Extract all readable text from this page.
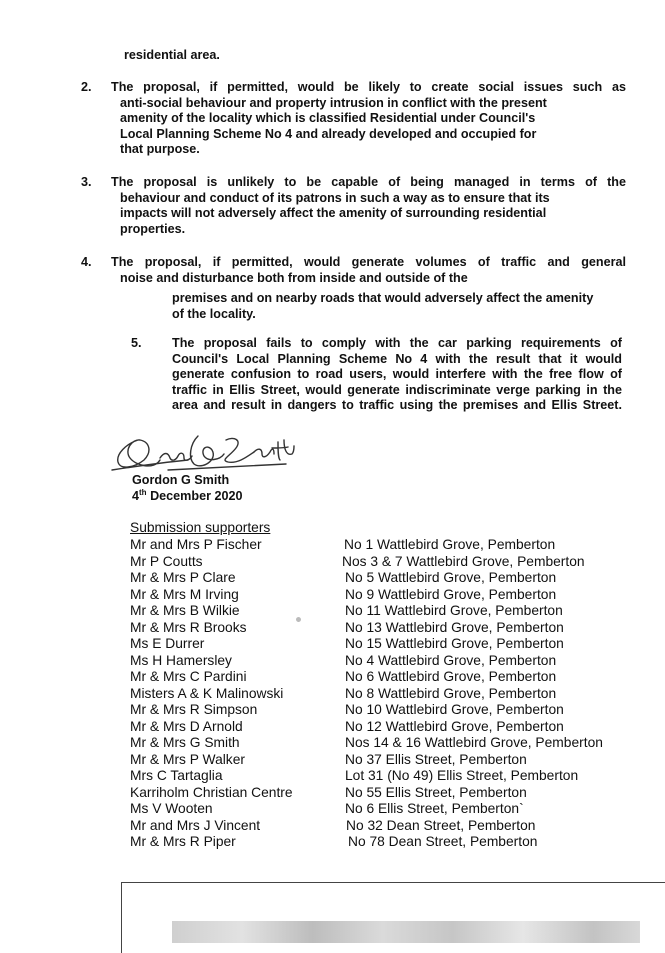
residential area.
2. The proposal, if permitted, would be likely to create social issues such as
anti-social behaviour and property intrusion in conflict with the present
amenity of the locality which is classified Residential under Council's
Local Planning Scheme No 4 and already developed and occupied for
that purpose.
3. The proposal is unlikely to be capable of being managed in terms of the
behaviour and conduct of its patrons in such a way as to ensure that its
impacts will not adversely affect the amenity of surrounding residential
properties.
4. The proposal, if permitted, would generate volumes of traffic and general
noise and disturbance both from inside and outside of the
premises and on nearby roads that would adversely affect the amenity
of the locality.
5. The proposal fails to comply with the car parking requirements of
Council's Local Planning Scheme No 4 with the result that it would
generate confusion to road users, would interfere with the free flow of
traffic in Ellis Street, would generate indiscriminate verge parking in the
area and result in dangers to traffic using the premises and Ellis Street.
Gordon G Smith
4th December 2020
Submission supporters
Mr and Mrs P Fischer	No 1 Wattlebird Grove, Pemberton
Mr P Coutts	Nos 3 & 7 Wattlebird Grove, Pemberton
Mr & Mrs P Clare	No 5 Wattlebird Grove, Pemberton
Mr & Mrs M Irving	No 9 Wattlebird Grove, Pemberton
Mr & Mrs B Wilkie	No 11 Wattlebird Grove, Pemberton
Mr & Mrs R Brooks	No 13 Wattlebird Grove, Pemberton
Ms E Durrer	No 15 Wattlebird Grove, Pemberton
Ms H Hamersley	No 4 Wattlebird Grove, Pemberton
Mr & Mrs C Pardini	No 6 Wattlebird Grove, Pemberton
Misters A & K Malinowski	No 8 Wattlebird Grove, Pemberton
Mr & Mrs R Simpson	No 10 Wattlebird Grove, Pemberton
Mr & Mrs D Arnold	No 12 Wattlebird Grove, Pemberton
Mr & Mrs G Smith	Nos 14 & 16 Wattlebird Grove, Pemberton
Mr & Mrs P Walker	No 37 Ellis Street, Pemberton
Mrs C Tartaglia	Lot 31 (No 49) Ellis Street, Pemberton
Karriholm Christian Centre	No 55 Ellis Street, Pemberton
Ms V Wooten	No 6 Ellis Street, Pemberton`
Mr and Mrs J Vincent	No 32 Dean Street, Pemberton
Mr & Mrs R Piper	No 78 Dean Street, Pemberton
